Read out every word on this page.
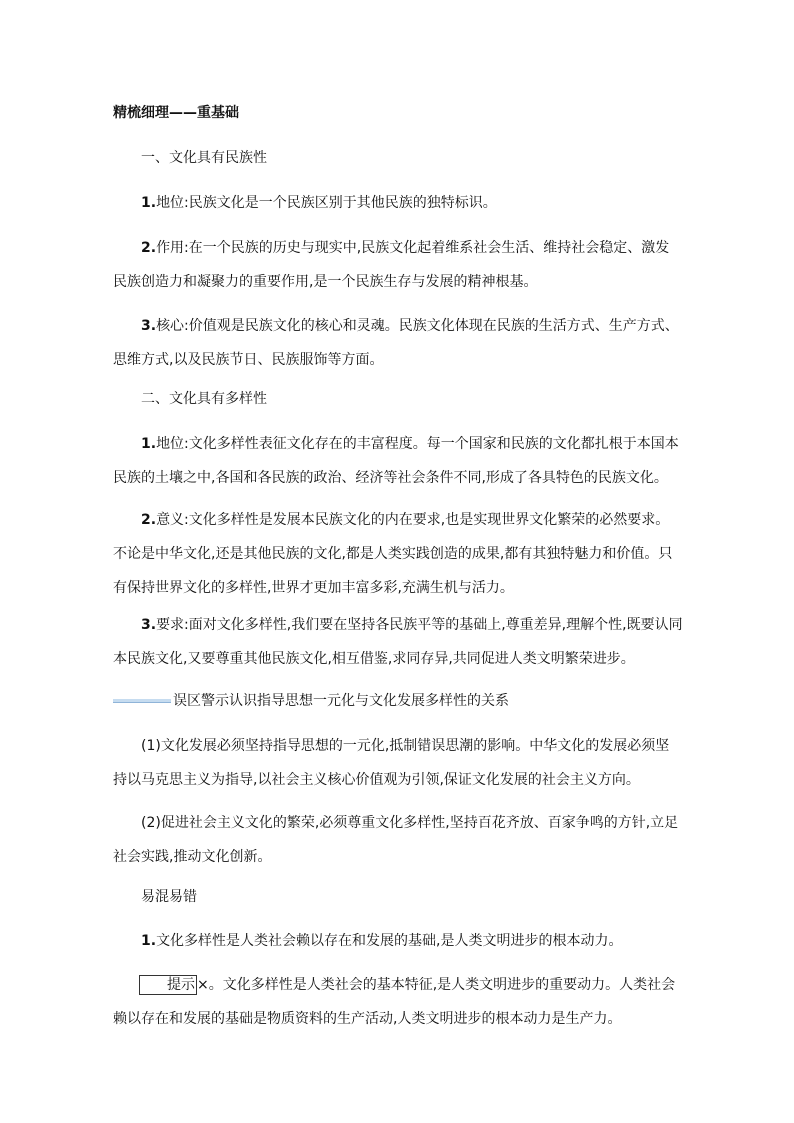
精梳细理——重基础

一、文化具有民族性

1.地位:民族文化是一个民族区别于其他民族的独特标识。

2.作用:在一个民族的历史与现实中,民族文化起着维系社会生活、维持社会稳定、激发民族创造力和凝聚力的重要作用,是一个民族生存与发展的精神根基。

3.核心:价值观是民族文化的核心和灵魂。民族文化体现在民族的生活方式、生产方式、思维方式,以及民族节日、民族服饰等方面。

二、文化具有多样性

1.地位:文化多样性表征文化存在的丰富程度。每一个国家和民族的文化都扎根于本国本民族的土壤之中,各国和各民族的政治、经济等社会条件不同,形成了各具特色的民族文化。

2.意义:文化多样性是发展本民族文化的内在要求,也是实现世界文化繁荣的必然要求。不论是中华文化,还是其他民族的文化,都是人类实践创造的成果,都有其独特魅力和价值。只有保持世界文化的多样性,世界才更加丰富多彩,充满生机与活力。

3.要求:面对文化多样性,我们要在坚持各民族平等的基础上,尊重差异,理解个性,既要认同本民族文化,又要尊重其他民族文化,相互借鉴,求同存异,共同促进人类文明繁荣进步。

误区警示认识指导思想一元化与文化发展多样性的关系

(1)文化发展必须坚持指导思想的一元化,抵制错误思潮的影响。中华文化的发展必须坚持以马克思主义为指导,以社会主义核心价值观为引领,保证文化发展的社会主义方向。

(2)促进社会主义文化的繁荣,必须尊重文化多样性,坚持百花齐放、百家争鸣的方针,立足社会实践,推动文化创新。

易混易错

1.文化多样性是人类社会赖以存在和发展的基础,是人类文明进步的根本动力。

提示 ×。文化多样性是人类社会的基本特征,是人类文明进步的重要动力。人类社会赖以存在和发展的基础是物质资料的生产活动,人类文明进步的根本动力是生产力。
